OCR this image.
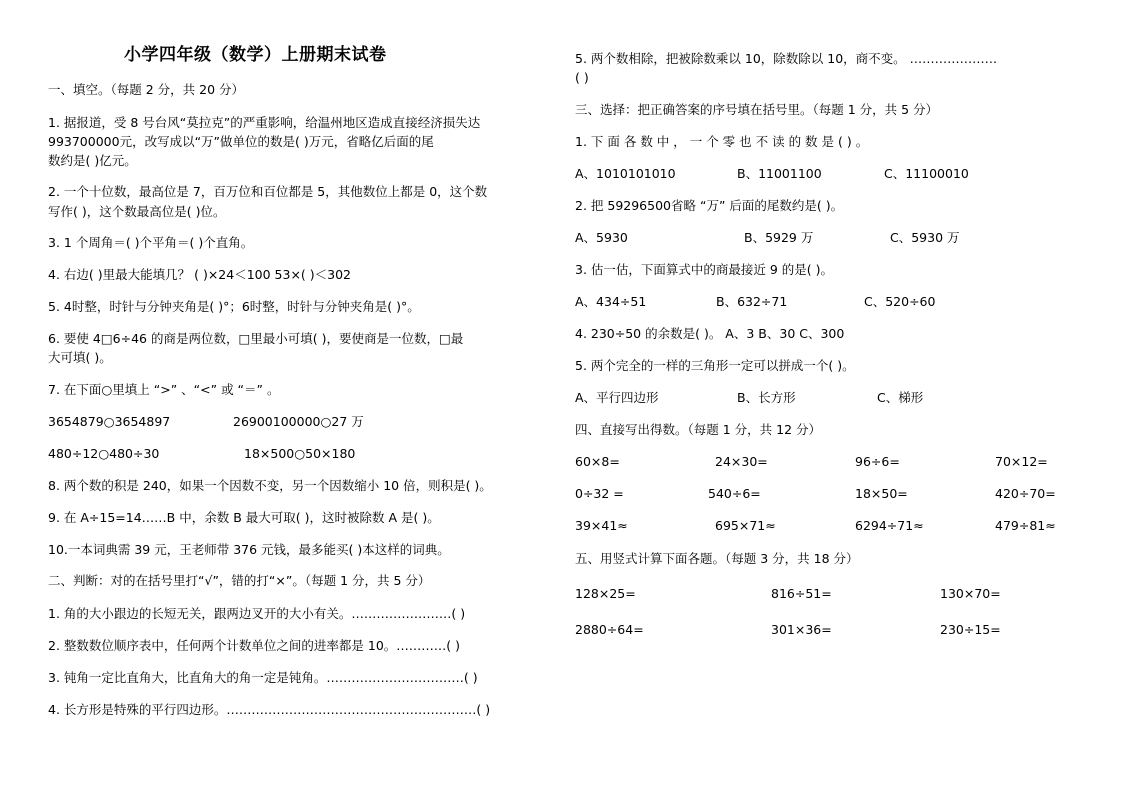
小学四年级（数学）上册期末试卷
一、填空。（每题 2 分，共 20 分）
1. 据报道，受 8 号台风“莫拉克”的严重影响，给温州地区造成直接经济损失达
993700000元，改写成以“万”做单位的数是( )万元，省略亿后面的尾
数约是( )亿元。
2. 一个十位数，最高位是 7，百万位和百位都是 5，其他数位上都是 0，这个数
写作( )，这个数最高位是( )位。
3. 1 个周角＝( )个平角＝( )个直角。
4. 右边( )里最大能填几？ ( )×24＜100 53×( )＜302
5. 4时整，时针与分钟夹角是( )°；6时整，时针与分钟夹角是( )°。
6. 要使 4□6÷46 的商是两位数，□里最小可填( )，要使商是一位数，□最
大可填( )。
7. 在下面○里填上 “>” 、“<” 或 “＝” 。
3654879○3654897	26900100000○27 万
480÷12○480÷30	18×500○50×180
8. 两个数的积是 240，如果一个因数不变，另一个因数缩小 10 倍，则积是( )。
9. 在 A÷15=14……B 中，余数 B 最大可取( )，这时被除数 A 是( )。
10.一本词典需 39 元，王老师带 376 元钱，最多能买( )本这样的词典。
二、判断：对的在括号里打“√”，错的打“×”。（每题 1 分，共 5 分）
1. 角的大小跟边的长短无关，跟两边叉开的大小有关。……………………( )
2. 整数数位顺序表中，任何两个计数单位之间的进率都是 10。…………( )
3. 钝角一定比直角大，比直角大的角一定是钝角。……………………………( )
4. 长方形是特殊的平行四边形。……………………………………………………( )
5. 两个数相除，把被除数乘以 10，除数除以 10，商不变。 …………………
( )
三、选择：把正确答案的序号填在括号里。（每题 1 分，共 5 分）
1. 下 面 各 数 中 ， 一 个 零 也 不 读 的 数 是 ( ) 。
A、1010101010	B、11001100	C、11100010
2. 把 59296500省略 “万” 后面的尾数约是( )。
A、5930	B、5929 万	C、5930 万
3. 估一估，下面算式中的商最接近 9 的是( )。
A、434÷51	B、632÷71	C、520÷60
4. 230÷50 的余数是( )。 A、3 B、30 C、300
5. 两个完全的一样的三角形一定可以拼成一个( )。
A、平行四边形	B、长方形	C、梯形
四、直接写出得数。（每题 1 分，共 12 分）
60×8=	24×30=	96÷6=	70×12=
0÷32 =	540÷6=	18×50=	420÷70=
39×41≈	695×71≈	6294÷71≈	479÷81≈
五、用竖式计算下面各题。（每题 3 分，共 18 分）
128×25=	816÷51=	130×70=
2880÷64=	301×36=	230÷15=
